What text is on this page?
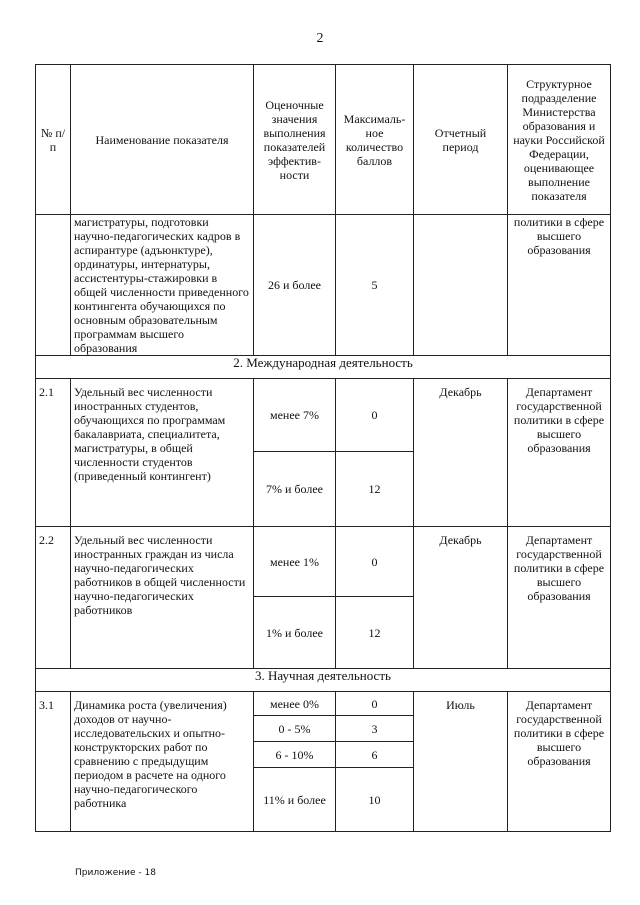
2
№ п/п	Наименование показателя	Оценочные значения выполнения показателей эффектив-ности	Максималь-ное количество баллов	Отчетный период	Структурное подразделение Министерства образования и науки Российской Федерации, оценивающее выполнение показателя
	магистратуры, подготовки научно-педагогических кадров в аспирантуре (адъюнктуре), ординатуры, интернатуры, ассистентуры-стажировки в общей численности приведенного контингента обучающихся по основным образовательным программам высшего образования	26 и более	5		политики в сфере высшего образования
2. Международная деятельность					
2.1	Удельный вес численности иностранных студентов, обучающихся по программам бакалавриата, специалитета, магистратуры, в общей численности студентов (приведенный контингент)	менее 7%	0	Декабрь	Департамент государственной политики в сфере высшего образования
		7% и более	12		
2.2	Удельный вес численности иностранных граждан из числа научно-педагогических работников в общей численности научно-педагогических работников	менее 1%	0	Декабрь	Департамент государственной политики в сфере высшего образования
		1% и более	12		
3. Научная деятельность					
3.1	Динамика роста (увеличения) доходов от научно-исследовательских и опытно-конструкторских работ по сравнению с предыдущим периодом в расчете на одного научно-педагогического работника	менее 0%	0	Июль	Департамент государственной политики в сфере высшего образования
		0 - 5%	3		
		6 - 10%	6		
		11% и более	10		
Приложение - 18
